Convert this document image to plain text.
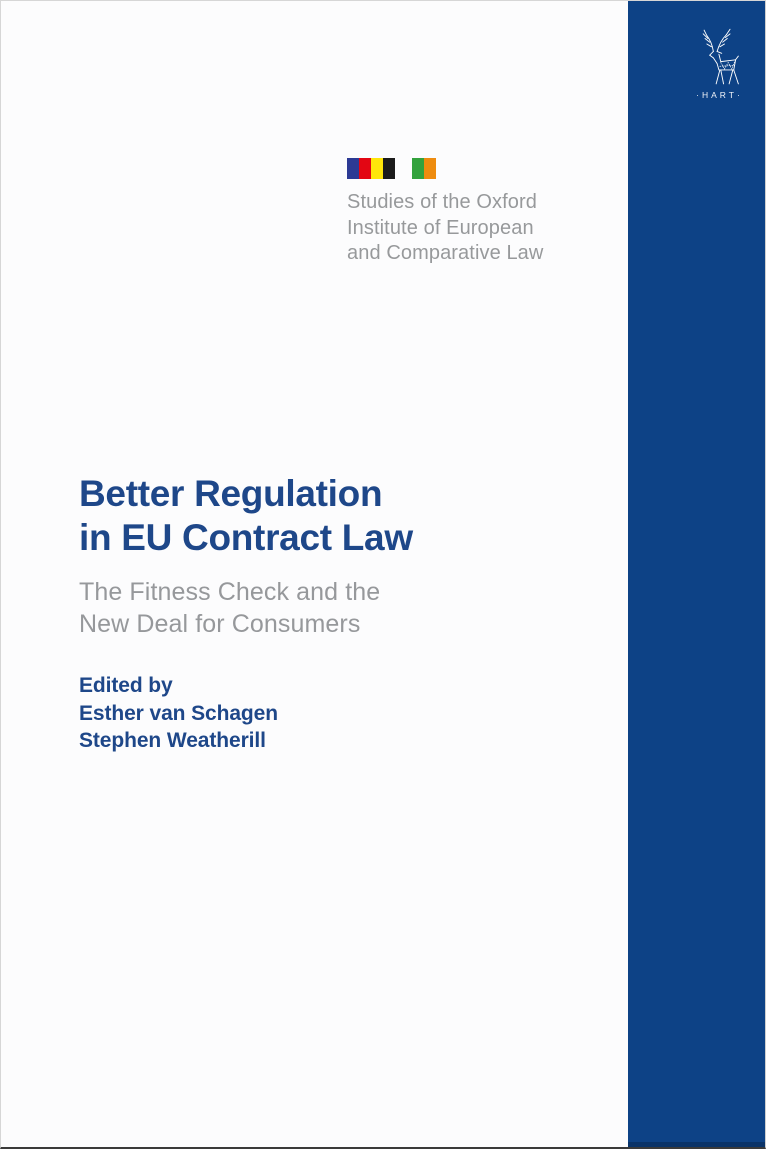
·HART·
Studies of the Oxford
Institute of European
and Comparative Law
Better Regulation
in EU Contract Law
The Fitness Check and the
New Deal for Consumers
Edited by
Esther van Schagen
Stephen Weatherill
